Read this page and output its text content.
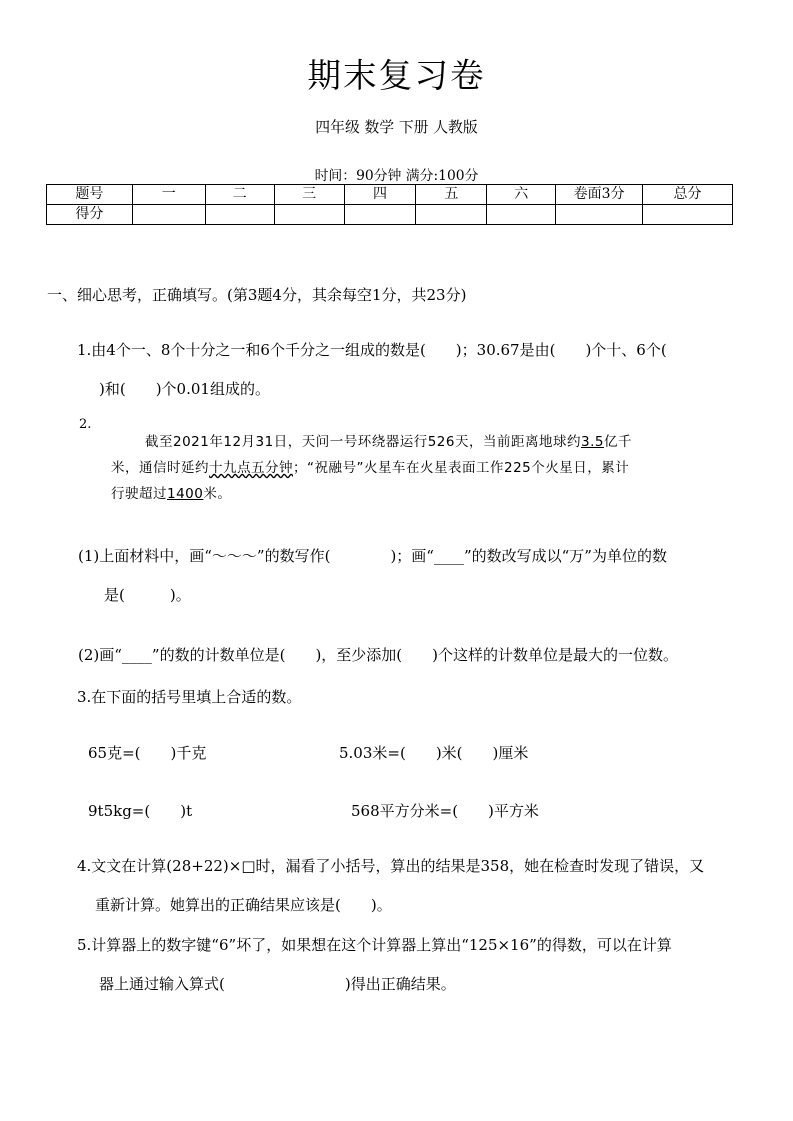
期末复习卷
四年级 数学 下册 人教版
时间：90分钟 满分:100分
题号	一	二	三	四	五	六	卷面3分	总分
得分								
一、细心思考，正确填写。(第3题4分，其余每空1分，共23分)
1.由4个一、8个十分之一和6个千分之一组成的数是(　　)；30.67是由(　　)个十、6个(
)和(　　)个0.01组成的。
2.
截至2021年12月31日，天问一号环绕器运行526天，当前距离地球约3.5亿千
米，通信时延约十九点五分钟；“祝融号”火星车在火星表面工作225个火星日，累计
行驶超过1400米。
(1)上面材料中，画“～～～”的数写作(　　　　)；画“____”的数改写成以“万”为单位的数
是(　　　)。
(2)画“____”的数的计数单位是(　　)，至少添加(　　)个这样的计数单位是最大的一位数。
3.在下面的括号里填上合适的数。
65克=(　　)千克	5.03米=(　　)米(　　)厘米
9t5kg=(　　)t	568平方分米=(　　)平方米
4.文文在计算(28+22)×□时，漏看了小括号，算出的结果是358，她在检查时发现了错误，又
重新计算。她算出的正确结果应该是(　　)。
5.计算器上的数字键“6”坏了，如果想在这个计算器上算出“125×16”的得数，可以在计算
器上通过输入算式(　　　　　　　　)得出正确结果。
